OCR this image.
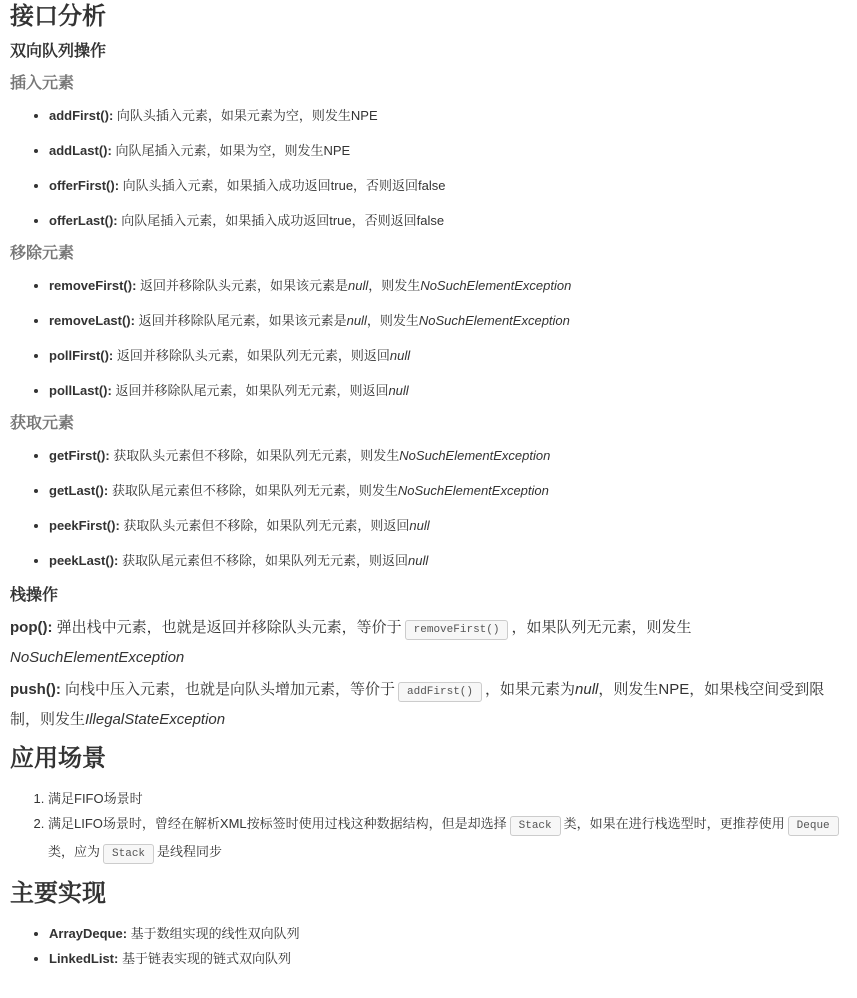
接口分析
双向队列操作
插入元素
• addFirst(): 向队头插入元素，如果元素为空，则发生NPE
• addLast(): 向队尾插入元素，如果为空，则发生NPE
• offerFirst(): 向队头插入元素，如果插入成功返回true，否则返回false
• offerLast(): 向队尾插入元素，如果插入成功返回true，否则返回false
移除元素
• removeFirst(): 返回并移除队头元素，如果该元素是null，则发生NoSuchElementException
• removeLast(): 返回并移除队尾元素，如果该元素是null，则发生NoSuchElementException
• pollFirst(): 返回并移除队头元素，如果队列无元素，则返回null
• pollLast(): 返回并移除队尾元素，如果队列无元素，则返回null
获取元素
• getFirst(): 获取队头元素但不移除，如果队列无元素，则发生NoSuchElementException
• getLast(): 获取队尾元素但不移除，如果队列无元素，则发生NoSuchElementException
• peekFirst(): 获取队头元素但不移除，如果队列无元素，则返回null
• peekLast(): 获取队尾元素但不移除，如果队列无元素，则返回null
栈操作

pop(): 弹出栈中元素，也就是返回并移除队头元素，等价于 removeFirst() ，如果队列无元素，则发生NoSuchElementException

push(): 向栈中压入元素，也就是向队头增加元素，等价于 addFirst() ，如果元素为null，则发生NPE，如果栈空间受到限制，则发生IllegalStateException

应用场景
1. 满足FIFO场景时
2. 满足LIFO场景时，曾经在解析XML按标签时使用过栈这种数据结构，但是却选择 Stack 类，如果在进行栈选型时，更推荐使用 Deque类，应为 Stack 是线程同步
主要实现
• ArrayDeque: 基于数组实现的线性双向队列
• LinkedList: 基于链表实现的链式双向队列
